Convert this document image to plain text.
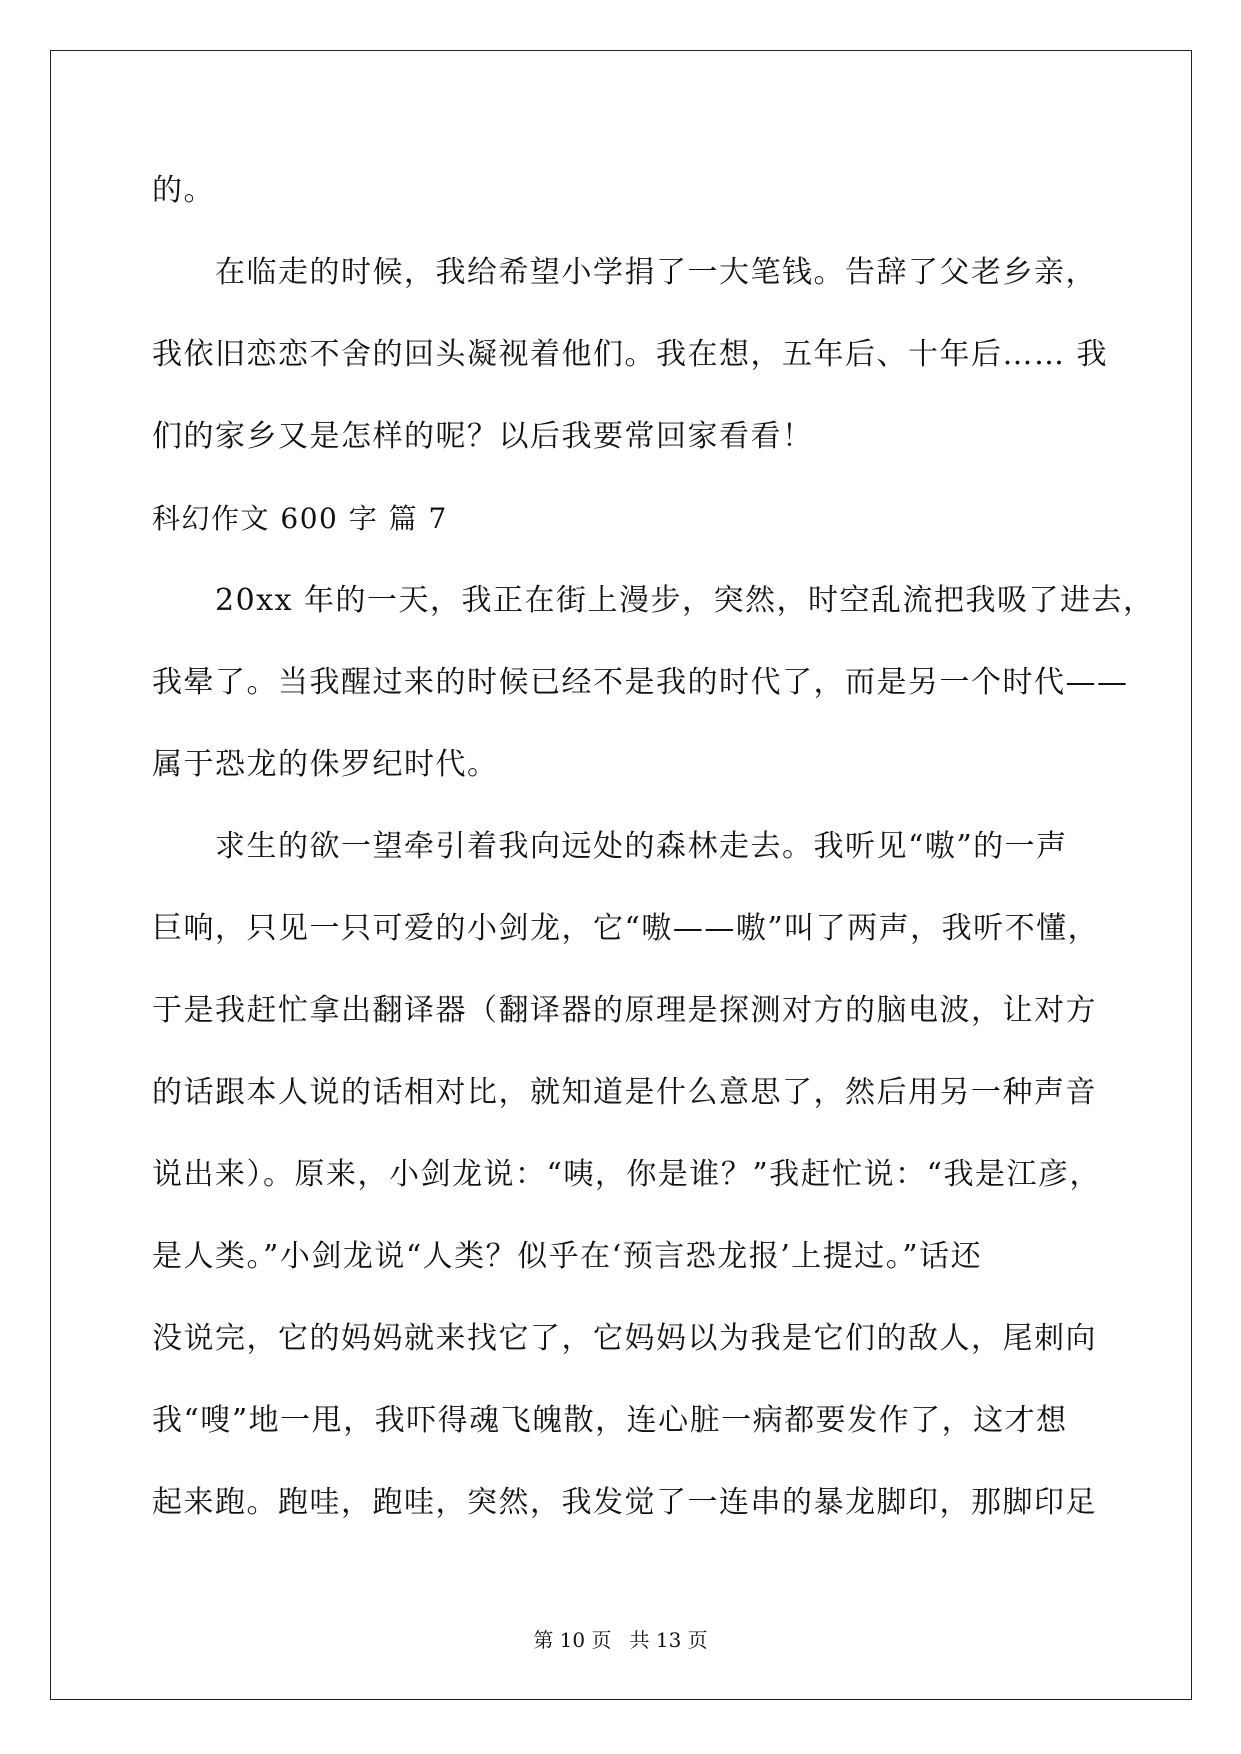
的。
　　在临走的时候，我给希望小学捐了一大笔钱。告辞了父老乡亲，
我依旧恋恋不舍的回头凝视着他们。我在想，五年后、十年后…… 我
们的家乡又是怎样的呢？以后我要常回家看看！
科幻作文 600 字 篇 7
　　20xx 年的一天，我正在街上漫步，突然，时空乱流把我吸了进去，
我晕了。当我醒过来的时候已经不是我的时代了，而是另一个时代——
属于恐龙的侏罗纪时代。
　　求生的欲一望牵引着我向远处的森林走去。我听见“嗷”的一声
巨响，只见一只可爱的小剑龙，它“嗷——嗷”叫了两声，我听不懂，
于是我赶忙拿出翻译器（翻译器的原理是探测对方的脑电波，让对方
的话跟本人说的话相对比，就知道是什么意思了，然后用另一种声音
说出来）。原来，小剑龙说：“咦，你是谁？”我赶忙说：“我是江彦，
是人类。”小剑龙说“人类？似乎在‘预言恐龙报’上提过。”话还
没说完，它的妈妈就来找它了，它妈妈以为我是它们的敌人，尾刺向
我“嗖”地一甩，我吓得魂飞魄散，连心脏一病都要发作了，这才想
起来跑。跑哇，跑哇，突然，我发觉了一连串的暴龙脚印，那脚印足
第 10 页 共 13 页
